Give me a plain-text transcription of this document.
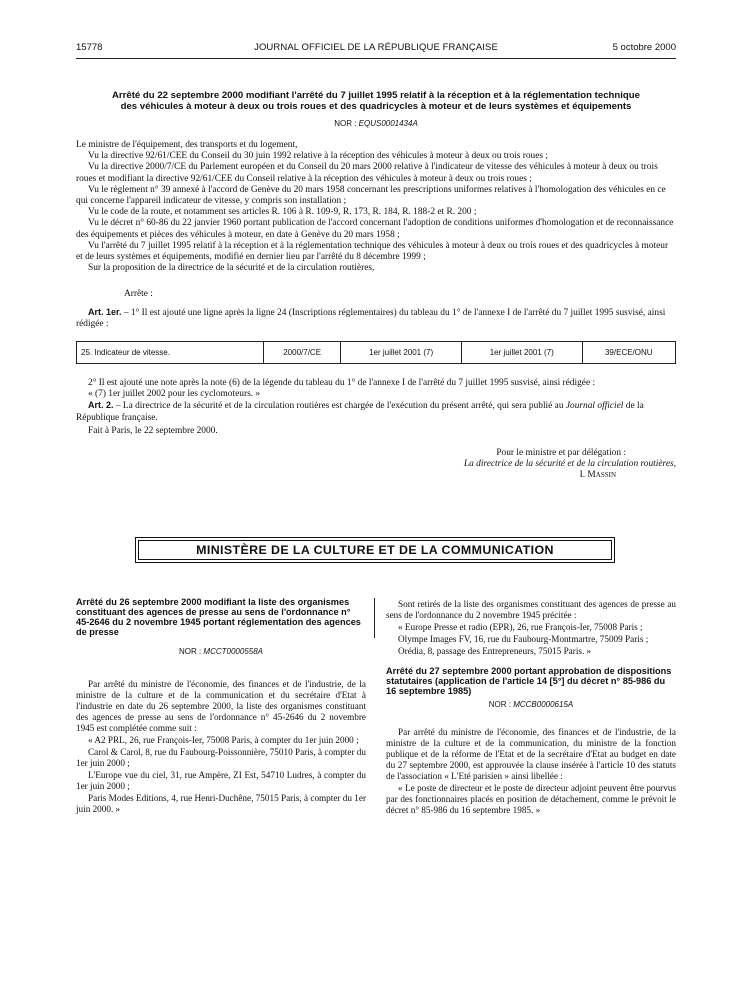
15778	JOURNAL OFFICIEL DE LA RÉPUBLIQUE FRANÇAISE	5 octobre 2000
Arrêté du 22 septembre 2000 modifiant l'arrêté du 7 juillet 1995 relatif à la réception et à la réglementation technique
des véhicules à moteur à deux ou trois roues et des quadricycles à moteur et de leurs systèmes et équipements
NOR : EQUS0001434A

Le ministre de l'équipement, des transports et du logement,

Vu la directive 92/61/CEE du Conseil du 30 juin 1992 relative à la réception des véhicules à moteur à deux ou trois roues ;

Vu la directive 2000/7/CE du Parlement européen et du Conseil du 20 mars 2000 relative à l'indicateur de vitesse des véhicules à moteur à deux ou trois roues et modifiant la directive 92/61/CEE du Conseil relative à la réception des véhicules à moteur à deux ou trois roues ;

Vu le règlement n° 39 annexé à l'accord de Genève du 20 mars 1958 concernant les prescriptions uniformes relatives à l'homologation des véhicules en ce qui concerne l'appareil indicateur de vitesse, y compris son installation ;

Vu le code de la route, et notamment ses articles R. 106 à R. 109-9, R. 173, R. 184, R. 188-2 et R. 200 ;

Vu le décret n° 60-86 du 22 janvier 1960 portant publication de l'accord concernant l'adoption de conditions uniformes d'homologation et de reconnaissance des équipements et pièces des véhicules à moteur, en date à Genève du 20 mars 1958 ;

Vu l'arrêté du 7 juillet 1995 relatif à la réception et à la réglementation technique des véhicules à moteur à deux ou trois roues et des quadricycles à moteur et de leurs systèmes et équipements, modifié en dernier lieu par l'arrêté du 8 décembre 1999 ;

Sur la proposition de la directrice de la sécurité et de la circulation routières,

Arrête :

Art. 1er. – 1° Il est ajouté une ligne après la ligne 24 (Inscriptions réglementaires) du tableau du 1° de l'annexe I de l'arrêté du 7 juillet 1995 susvisé, ainsi rédigée :

25. Indicateur de vitesse.	2000/7/CE	1er juillet 2001 (7)	1er juillet 2001 (7)	39/ECE/ONU

2° Il est ajouté une note après la note (6) de la légende du tableau du 1° de l'annexe I de l'arrêté du 7 juillet 1995 susvisé, ainsi rédigée :

« (7) 1er juillet 2002 pour les cyclomoteurs. »

Art. 2. – La directrice de la sécurité et de la circulation routières est chargée de l'exécution du présent arrêté, qui sera publié au Journal officiel de la République française.

Fait à Paris, le 22 septembre 2000.

Pour le ministre et par délégation :
La directrice de la sécurité et de la circulation routières,
I. Massin
MINISTÈRE DE LA CULTURE ET DE LA COMMUNICATION
Arrêté du 26 septembre 2000 modifiant la liste des organismes constituant des agences de presse au sens de l'ordonnance n° 45-2646 du 2 novembre 1945 portant réglementation des agences de presse
NOR : MCCT0000558A

Par arrêté du ministre de l'économie, des finances et de l'industrie, de la ministre de la culture et de la communication et du secrétaire d'Etat à l'industrie en date du 26 septembre 2000, la liste des organismes constituant des agences de presse au sens de l'ordonnance n° 45-2646 du 2 novembre 1945 est complétée comme suit :

« A2 PRL, 26, rue François-Ier, 75008 Paris, à compter du 1er juin 2000 ;

Carol & Carol, 8, rue du Faubourg-Poissonnière, 75010 Paris, à compter du 1er juin 2000 ;

L'Europe vue du ciel, 31, rue Ampère, ZI Est, 54710 Ludres, à compter du 1er juin 2000 ;

Paris Modes Editions, 4, rue Henri-Duchêne, 75015 Paris, à compter du 1er juin 2000. »

Sont retirés de la liste des organismes constituant des agences de presse au sens de l'ordonnance du 2 novembre 1945 précitée :

« Europe Presse et radio (EPR), 26, rue François-Ier, 75008 Paris ;

Olympe Images FV, 16, rue du Faubourg-Montmartre, 75009 Paris ;

Orédia, 8, passage des Entrepreneurs, 75015 Paris. »

Arrêté du 27 septembre 2000 portant approbation de dispositions statutaires (application de l'article 14 [5°] du décret n° 85-986 du 16 septembre 1985)
NOR : MCCB0000615A

Par arrêté du ministre de l'économie, des finances et de l'industrie, de la ministre de la culture et de la communication, du ministre de la fonction publique et de la réforme de l'Etat et de la secrétaire d'Etat au budget en date du 27 septembre 2000, est approuvée la clause insérée à l'article 10 des statuts de l'association « L'Eté parisien » ainsi libellée :

« Le poste de directeur et le poste de directeur adjoint peuvent être pourvus par des fonctionnaires placés en position de détachement, comme le prévoit le décret n° 85-986 du 16 septembre 1985. »
